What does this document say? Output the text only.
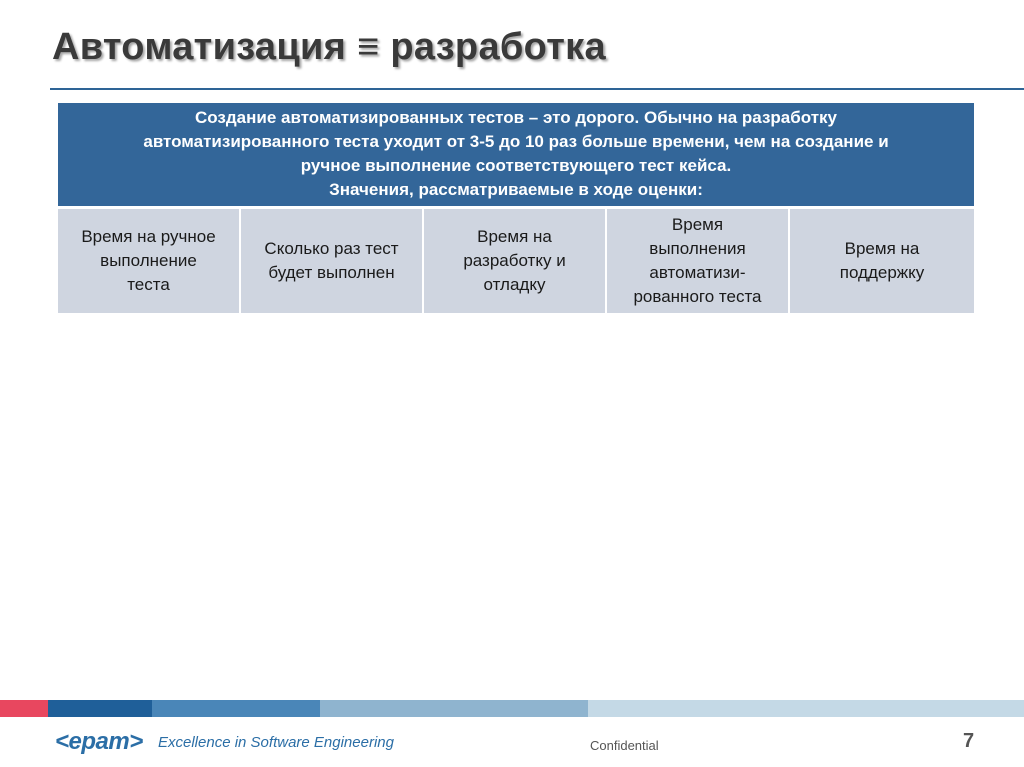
Автоматизация ≡ разработка
Создание автоматизированных тестов – это дорого. Обычно на разработку
автоматизированного теста уходит от 3-5 до 10 раз больше времени, чем на создание и
ручное выполнение соответствующего тест кейса.
Значения, рассматриваемые в ходе оценки:

Время на ручное
выполнение
теста

Сколько раз тест
будет выполнен

Время на
разработку и
отладку

Время
выполнения
автоматизи-
рованного теста

Время на
поддержку
<epam> Excellence in Software Engineering	Confidential	7
